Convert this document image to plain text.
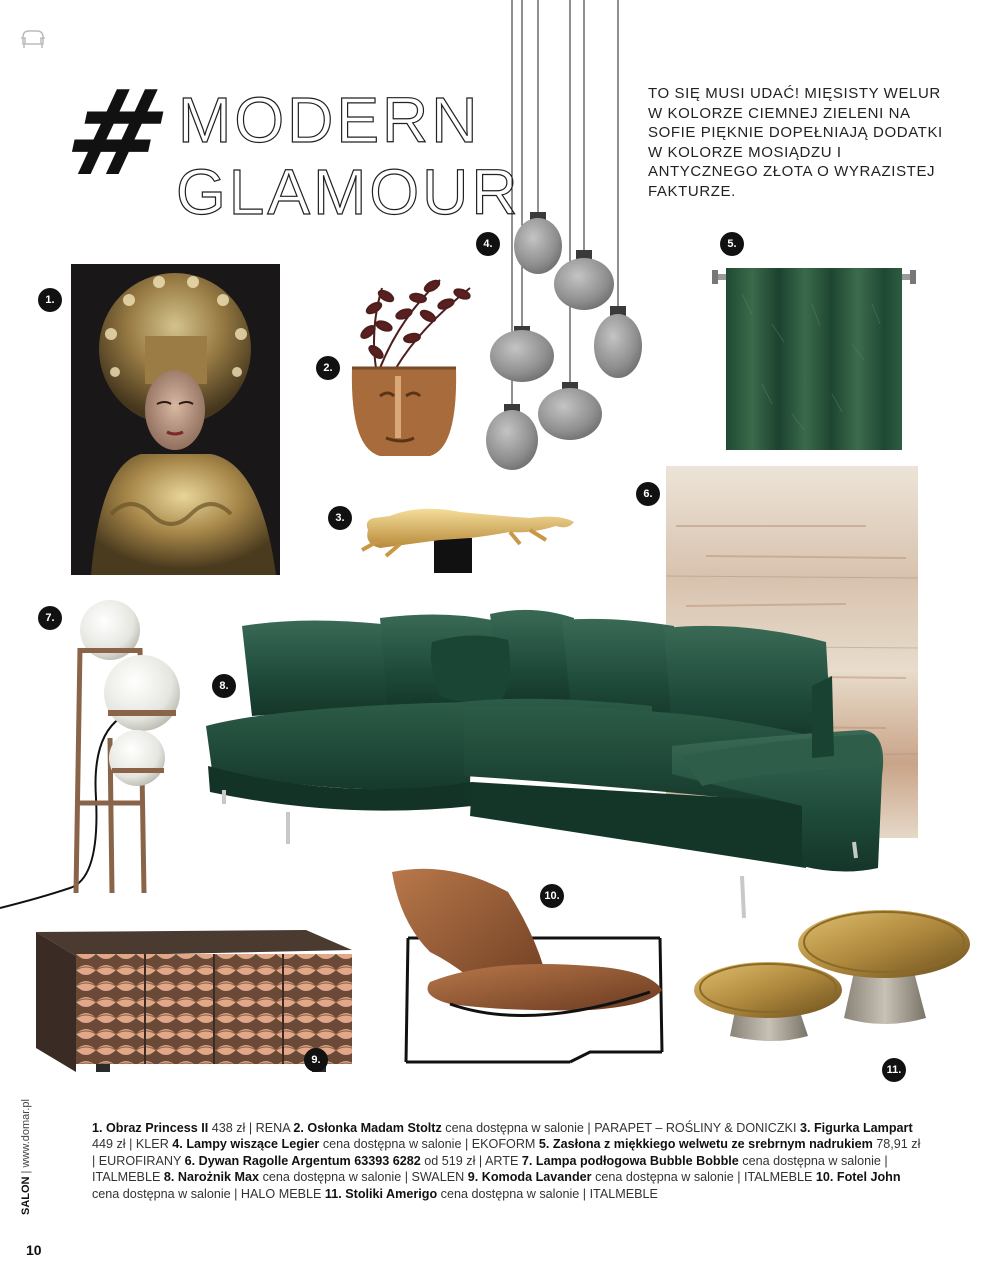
#
MODERN
GLAMOUR
TO SIĘ MUSI UDAĆ! MIĘSISTY WELUR W KOLORZE CIEMNEJ ZIELENI NA SOFIE PIĘKNIE DOPEŁNIAJĄ DODATKI W KOLORZE MOSIĄDZU I ANTYCZNEGO ZŁOTA O WYRAZISTEJ FAKTURZE.
1.
2.
3.
4.	5.
6.
7.
8.
9.
10.
11.
1. Obraz Princess II 438 zł | RENA 2. Osłonka Madam Stoltz cena dostępna w salonie | PARAPET – ROŚLINY & DONICZKI 3. Figurka Lampart 449 zł | KLER 4. Lampy wiszące Legier cena dostępna w salonie | EKOFORM 5. Zasłona z miękkiego welwetu ze srebrnym nadrukiem 78,91 zł | EUROFIRANY 6. Dywan Ragolle Argentum 63393 6282 od 519 zł | ARTE 7. Lampa podłogowa Bubble Bobble cena dostępna w salonie | ITALMEBLE 8. Narożnik Max cena dostępna w salonie | SWALEN 9. Komoda Lavander cena dostępna w salonie | ITALMEBLE 10. Fotel John cena dostępna w salonie | HALO MEBLE 11. Stoliki Amerigo cena dostępna w salonie | ITALMEBLE
SALON | www.domar.pl
10
